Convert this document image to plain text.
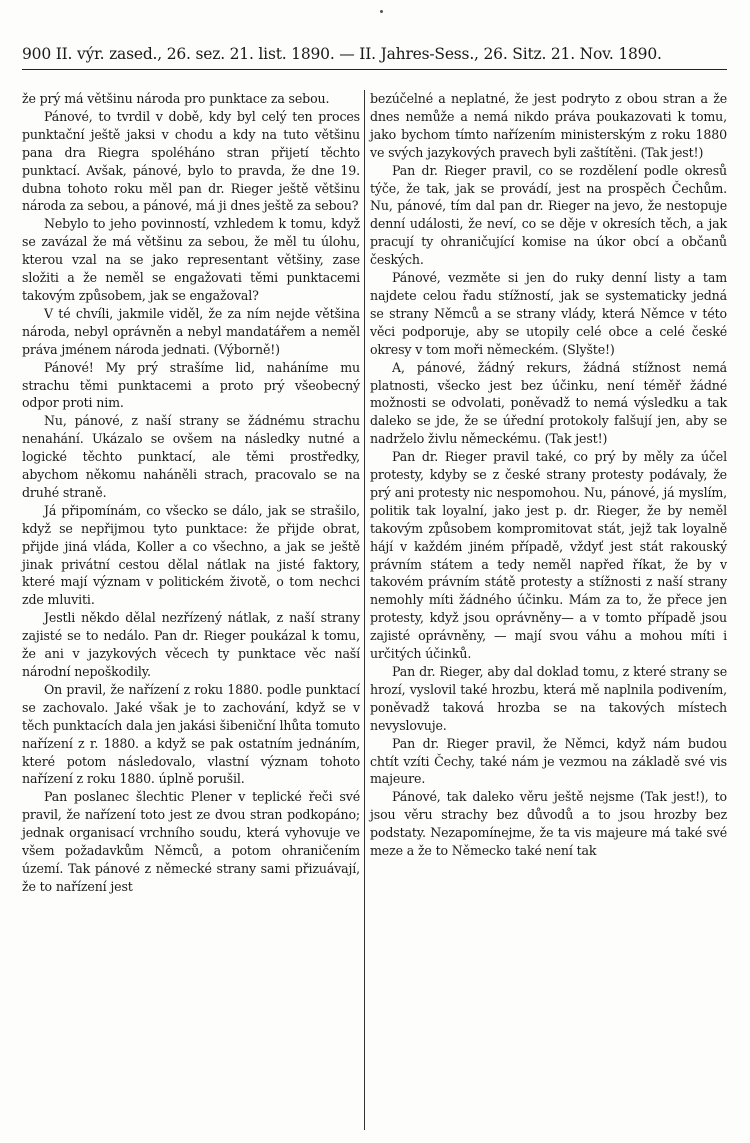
900 II. výr. zased., 26. sez. 21. list. 1890. — II. Jahres-Sess., 26. Sitz. 21. Nov. 1890.

že prý má většinu národa pro punktace za sebou.

Pánové, to tvrdil v době, kdy byl celý ten proces punktační ještě jaksi v chodu a kdy na tuto většinu pana dra Riegra spoléháno stran přijetí těchto punktací. Avšak, pánové, bylo to pravda, že dne 19. dubna tohoto roku měl pan dr. Rieger ještě většinu národa za sebou, a pánové, má ji dnes ještě za sebou?

Nebylo to jeho povinností, vzhledem k tomu, když se zavázal že má většinu za sebou, že měl tu úlohu, kterou vzal na se jako representant většiny, zase složiti a že neměl se engažovati těmi punktacemi takovým způsobem, jak se engažoval?

V té chvíli, jakmile viděl, že za ním nejde většina národa, nebyl oprávněn a nebyl mandatářem a neměl práva jménem národa jednati. (Výborně!)

Pánové! My prý strašíme lid, naháníme mu strachu těmi punktacemi a proto prý všeobecný odpor proti nim.

Nu, pánové, z naší strany se žádnému strachu nenahání. Ukázalo se ovšem na následky nutné a logické těchto punktací, ale těmi prostředky, abychom někomu naháněli strach, pracovalo se na druhé straně.

Já připomínám, co všecko se dálo, jak se strašilo, když se nepřijmou tyto punktace: že přijde obrat, přijde jiná vláda, Koller a co všechno, a jak se ještě jinak privátní cestou dělal nátlak na jisté faktory, které mají význam v politickém životě, o tom nechci zde mluviti.

Jestli někdo dělal nezřízený nátlak, z naší strany zajisté se to nedálo. Pan dr. Rieger poukázal k tomu, že ani v jazykových věcech ty punktace věc naší národní nepoškodily.

On pravil, že nařízení z roku 1880. podle punktací se zachovalo. Jaké však je to zachování, když se v těch punktacích dala jen jakási šibeniční lhůta tomuto nařízení z r. 1880. a když se pak ostatním jednáním, které potom následovalo, vlastní význam tohoto nařízení z roku 1880. úplně porušil.

Pan poslanec šlechtic Plener v teplické řeči své pravil, že nařízení toto jest ze dvou stran podkopáno; jednak organisací vrchního soudu, která vyhovuje ve všem požadavkům Němců, a potom ohraničením území. Tak pánové z německé strany sami přizuávají, že to nařízení jest

bezúčelné a neplatné, že jest podryto z obou stran a že dnes nemůže a nemá nikdo práva poukazovati k tomu, jako bychom tímto nařízením ministerským z roku 1880 ve svých jazykových pravech byli zaštítěni. (Tak jest!)

Pan dr. Rieger pravil, co se rozdělení podle okresů týče, že tak, jak se provádí, jest na prospěch Čechům. Nu, pánové, tím dal pan dr. Rieger na jevo, že nestopuje denní události, že neví, co se děje v okresích těch, a jak pracují ty ohraničující komise na úkor obcí a občanů českých.

Pánové, vezměte si jen do ruky denní listy a tam najdete celou řadu stížností, jak se systematicky jedná se strany Němců a se strany vlády, která Němce v této věci podporuje, aby se utopily celé obce a celé české okresy v tom moři německém. (Slyšte!)

A, pánové, žádný rekurs, žádná stížnost nemá platnosti, všecko jest bez účinku, není téměř žádné možnosti se odvolati, poněvadž to nemá výsledku a tak daleko se jde, že se úřední protokoly falšují jen, aby se nadrželo živlu německému. (Tak jest!)

Pan dr. Rieger pravil také, co prý by měly za účel protesty, kdyby se z české strany protesty podávaly, že prý ani protesty nic nespomohou. Nu, pánové, já myslím, politik tak loyalní, jako jest p. dr. Rieger, že by neměl takovým způsobem kompromitovat stát, jejž tak loyalně hájí v každém jiném případě, vždyť jest stát rakouský právním státem a tedy neměl napřed říkat, že by v takovém právním státě protesty a stížnosti z naší strany nemohly míti žádného účinku. Mám za to, že přece jen protesty, když jsou oprávněny— a v tomto případě jsou zajisté oprávněny, — mají svou váhu a mohou míti i určitých účinků.

Pan dr. Rieger, aby dal doklad tomu, z které strany se hrozí, vyslovil také hrozbu, která mě naplnila podivením, poněvadž taková hrozba se na takových místech nevyslovuje.

Pan dr. Rieger pravil, že Němci, když nám budou chtít vzíti Čechy, také nám je vezmou na základě své vis majeure.

Pánové, tak daleko věru ještě nejsme (Tak jest!), to jsou věru strachy bez důvodů a to jsou hrozby bez podstaty. Nezapomínejme, že ta vis majeure má také své meze a že to Německo také není tak
